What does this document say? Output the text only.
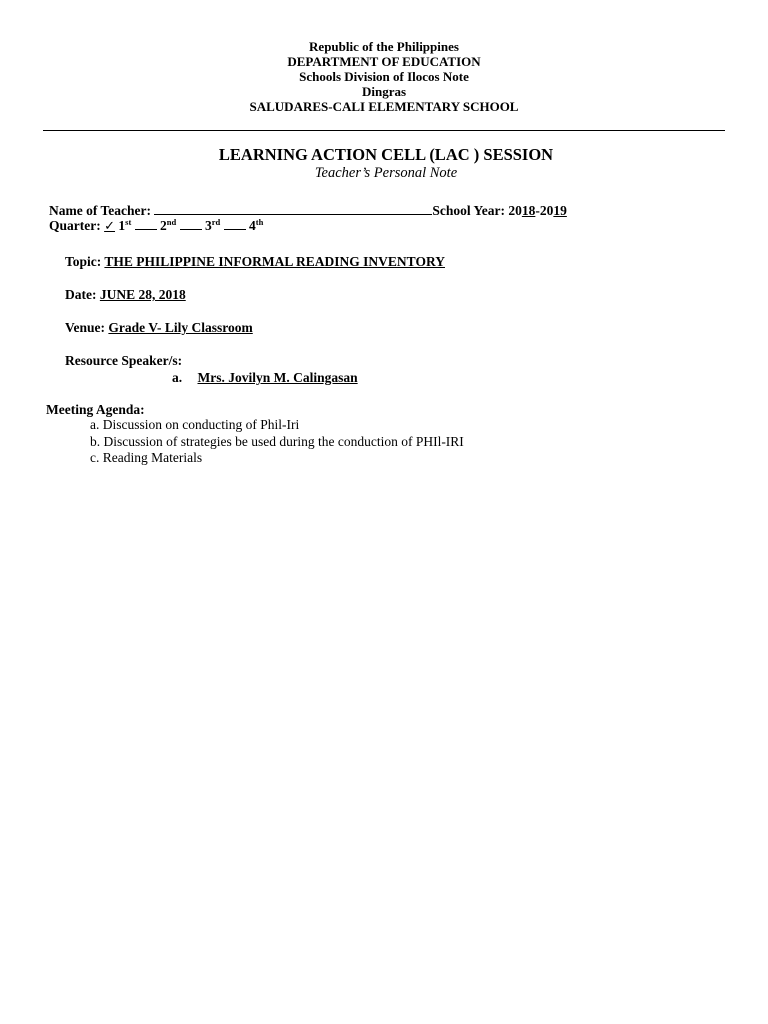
Republic of the Philippines
DEPARTMENT OF EDUCATION
Schools Division of Ilocos Note
Dingras
SALUDARES-CALI ELEMENTARY SCHOOL
LEARNING ACTION CELL (LAC ) SESSION
Teacher’s Personal Note
Name of Teacher:	School Year: 2018-2019
Quarter: ✓ 1st 2nd 3rd 4th
Topic: THE PHILIPPINE INFORMAL READING INVENTORY
Date: JUNE 28, 2018
Venue: Grade V- Lily Classroom
Resource Speaker/s:
a. Mrs. Jovilyn M. Calingasan
Meeting Agenda:
a. Discussion on conducting of Phil-Iri
b. Discussion of strategies be used during the conduction of PHIl-IRI
c. Reading Materials
